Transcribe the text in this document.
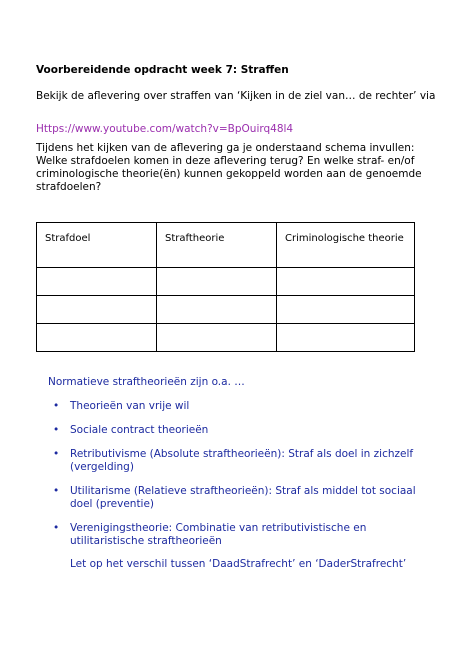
Voorbereidende opdracht week 7: Straffen
Bekijk de aflevering over straffen van ‘Kijken in de ziel van… de rechter’ via
Https://www.youtube.com/watch?v=BpOuirq48l4
Tijdens het kijken van de aflevering ga je onderstaand schema invullen: Welke strafdoelen komen in deze aflevering terug? En welke straf- en/of criminologische theorie(ën) kunnen gekoppeld worden aan de genoemde strafdoelen?
Strafdoel	Straftheorie	Criminologische theorie

Normatieve straftheorieën zijn o.a. …
• Theorieën van vrije wil
• Sociale contract theorieën
• Retributivisme (Absolute straftheorieën): Straf als doel in zichzelf (vergelding)
• Utilitarisme (Relatieve straftheorieën): Straf als middel tot sociaal doel (preventie)
• Verenigingstheorie: Combinatie van retributivistische en utilitaristische straftheorieën
Let op het verschil tussen ‘DaadStrafrecht’ en ‘DaderStrafrecht’
